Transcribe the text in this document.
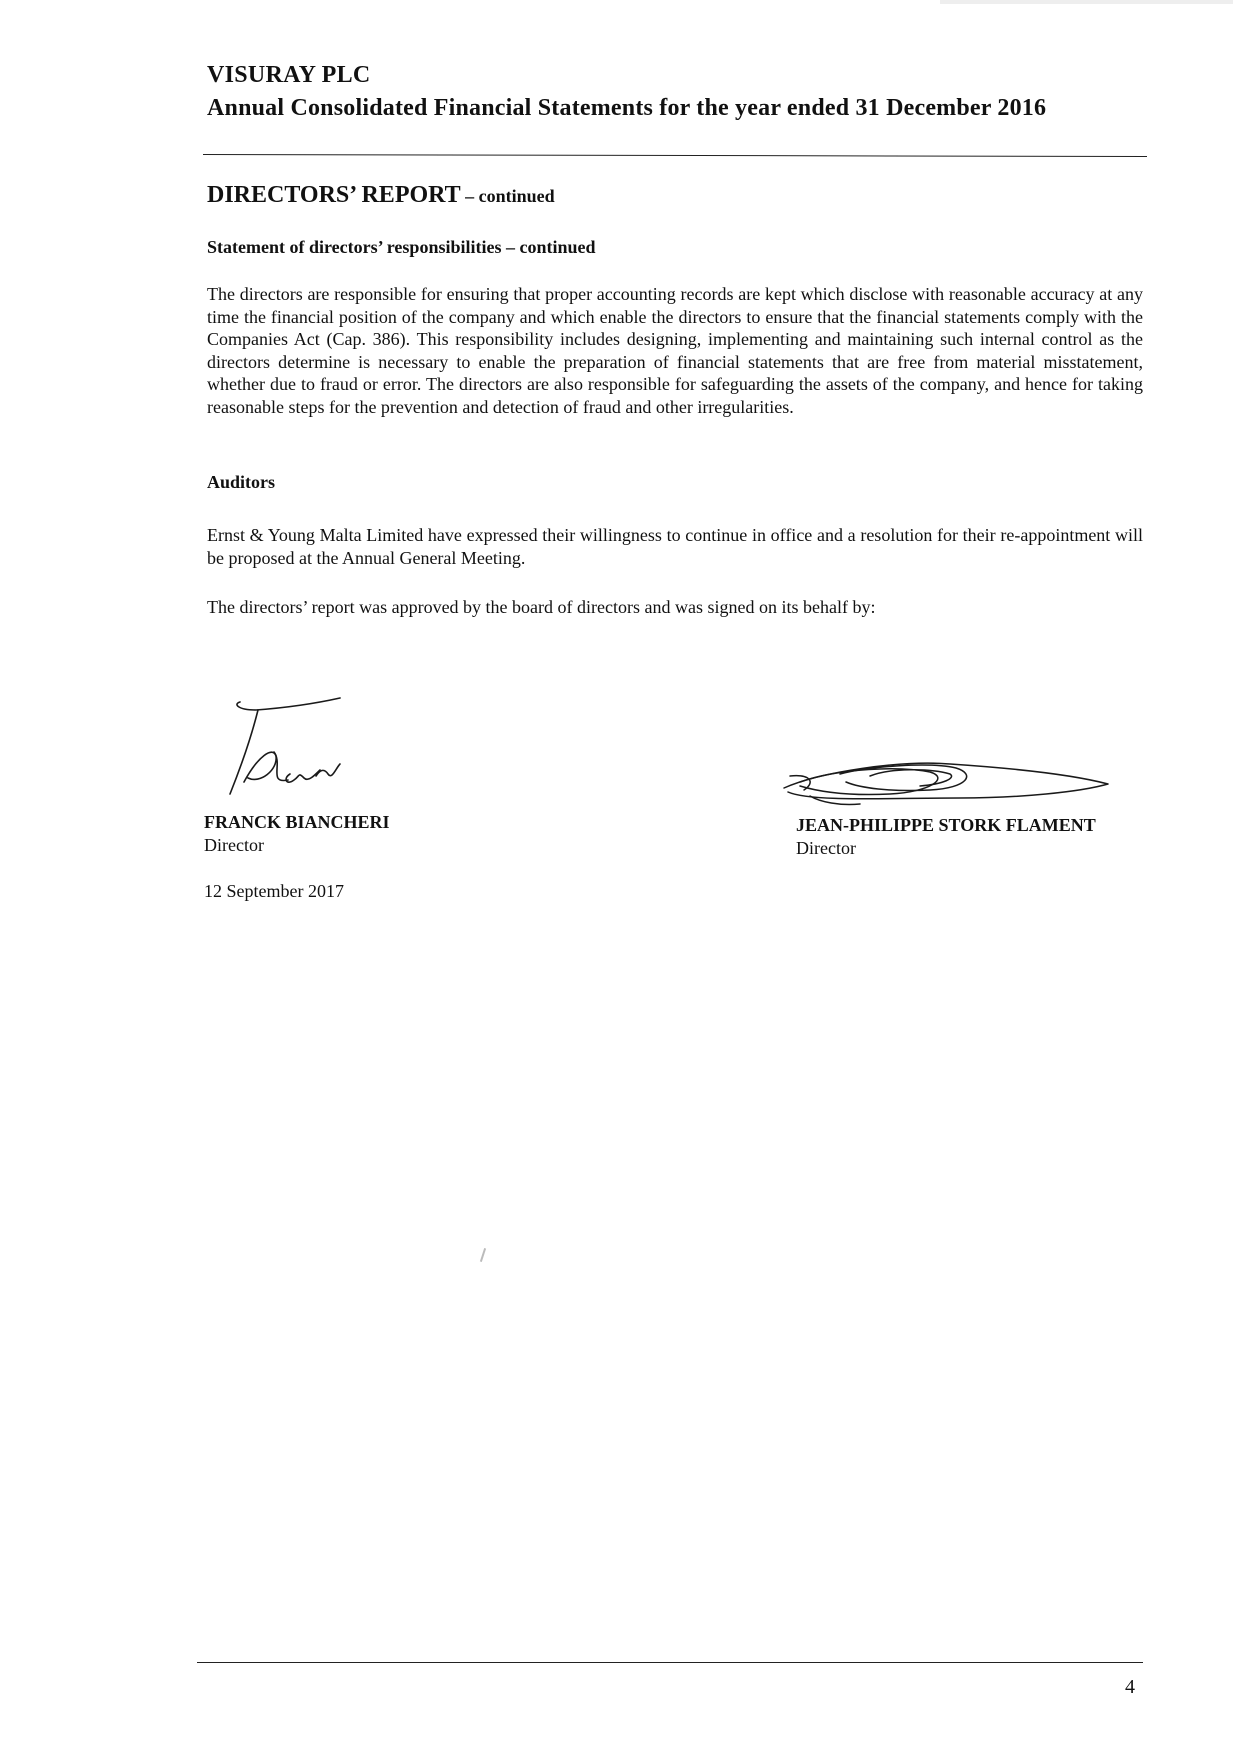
VISURAY PLC
Annual Consolidated Financial Statements for the year ended 31 December 2016
DIRECTORS’ REPORT – continued
Statement of directors’ responsibilities – continued
The directors are responsible for ensuring that proper accounting records are kept which disclose with reasonable accuracy at any time the financial position of the company and which enable the directors to ensure that the financial statements comply with the Companies Act (Cap. 386). This responsibility includes designing, implementing and maintaining such internal control as the directors determine is necessary to enable the preparation of financial statements that are free from material misstatement, whether due to fraud or error. The directors are also responsible for safeguarding the assets of the company, and hence for taking reasonable steps for the prevention and detection of fraud and other irregularities.
Auditors
Ernst & Young Malta Limited have expressed their willingness to continue in office and a resolution for their re-appointment will be proposed at the Annual General Meeting.
The directors’ report was approved by the board of directors and was signed on its behalf by:
FRANCK BIANCHERI
Director
JEAN-PHILIPPE STORK FLAMENT
Director
12 September 2017
4
